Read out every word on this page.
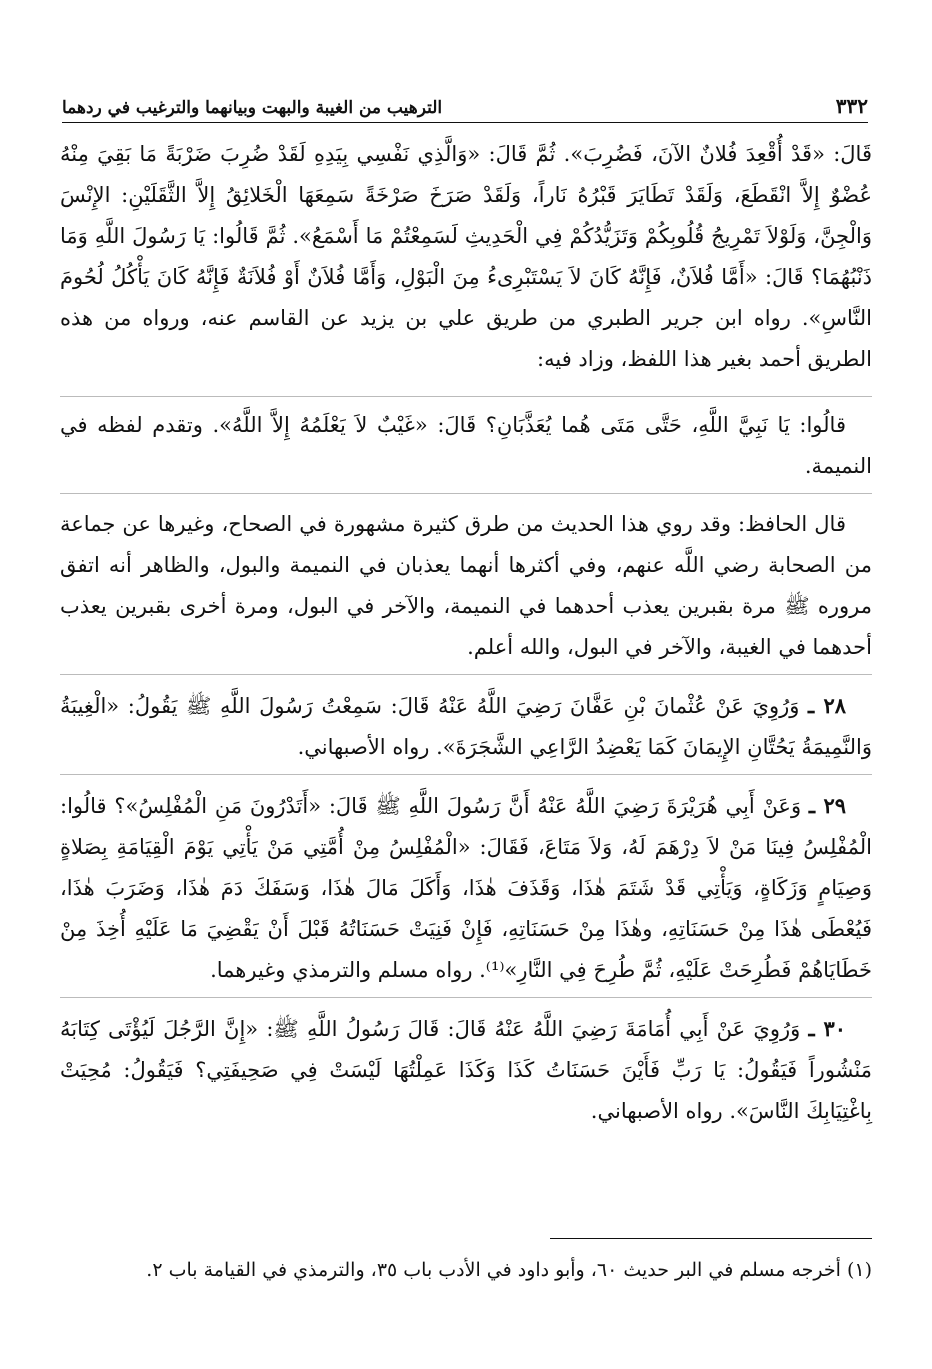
٣٣٢
الترهيب من الغيبة والبهت وبيانهما والترغيب في ردهما

قَالَ: «قَدْ أُقْعِدَ فُلانٌ الآنَ، فَضُرِبَ». ثُمَّ قَالَ: «وَالَّذِي نَفْسِي بِيَدِهِ لَقَدْ ضُرِبَ ضَرْبَةً مَا بَقِيَ مِنْهُ عُضْوٌ إِلاَّ انْقَطَعَ، وَلَقَدْ تَطَايَرَ قَبْرُهُ نَاراً، وَلَقَدْ صَرَخَ صَرْخَةً سَمِعَهَا الْخَلائِقُ إِلاَّ الثَّقَلَيْنِ: الإِنْسَ وَالْجِنَّ، وَلَوْلاَ تَمْرِيجُ قُلُوبِكُمْ وَتَزَيُّدُكُمْ فِي الْحَدِيثِ لَسَمِعْتُمْ مَا أَسْمَعُ». ثُمَّ قَالُوا: يَا رَسُولَ اللَّهِ وَمَا ذَنْبُهُمَا؟ قَالَ: «أَمَّا فُلاَنٌ، فَإِنَّهُ كَانَ لاَ يَسْتَبْرِىءُ مِنَ الْبَوْلِ، وَأَمَّا فُلاَنٌ أَوْ فُلاَنَةٌ فَإِنَّهُ كَانَ يَأْكُلُ لُحُومَ النَّاسِ». رواه ابن جرير الطبري من طريق علي بن يزيد عن القاسم عنه، ورواه من هذه الطريق أحمد بغير هذا اللفظ، وزاد فيه:

قالُوا: يَا نَبِيَّ اللَّهِ، حَتَّى مَتَى هُما يُعَذَّبَانِ؟ قَالَ: «غَيْبٌ لاَ يَعْلَمُهُ إِلاَّ اللَّهُ». وتقدم لفظه في النميمة.

قال الحافظ: وقد روي هذا الحديث من طرق كثيرة مشهورة في الصحاح، وغيرها عن جماعة من الصحابة رضي اللَّه عنهم، وفي أكثرها أنهما يعذبان في النميمة والبول، والظاهر أنه اتفق مروره ﷺ مرة بقبرين يعذب أحدهما في النميمة، والآخر في البول، ومرة أخرى بقبرين يعذب أحدهما في الغيبة، والآخر في البول، والله أعلم.

٢٨ ـ وَرُوِيَ عَنْ عُثْمانَ بْنِ عَفَّانَ رَضِيَ اللَّهُ عَنْهُ قَالَ: سَمِعْتُ رَسُولَ اللَّهِ ﷺ يَقُولُ: «الْغِيبَةُ وَالنَّمِيمَةُ يَحُتَّانِ الإِيمَانَ كَمَا يَعْضِدُ الرَّاعِي الشَّجَرَةَ». رواه الأصبهاني.

٢٩ ـ وَعَنْ أَبِي هُرَيْرَةَ رَضِيَ اللَّهُ عَنْهُ أَنَّ رَسُولَ اللَّهِ ﷺ قَالَ: «أَتَدْرُونَ مَنِ الْمُفْلِسُ»؟ قالُوا: الْمُفْلِسُ فِينَا مَنْ لاَ دِرْهَمَ لَهُ، وَلاَ مَتَاعَ، فَقَالَ: «الْمُفْلِسُ مِنْ أُمَّتِي مَنْ يَأْتِي يَوْمَ الْقِيَامَةِ بِصَلاةٍ وَصِيَامٍ وَزَكَاةٍ، وَيَأْتِي قَدْ شَتَمَ هٰذَا، وَقَذَفَ هٰذَا، وَأَكَلَ مَالَ هٰذَا، وَسَفَكَ دَمَ هٰذَا، وَضَرَبَ هٰذَا، فَيُعْطَى هٰذَا مِنْ حَسَنَاتِهِ، وهٰذَا مِنْ حَسَنَاتِهِ، فَإِنْ فَنِيَتْ حَسَنَاتُهُ قَبْلَ أَنْ يَقْضِيَ مَا عَلَيْهِ أُخِذَ مِنْ خَطَايَاهُمْ فَطُرِحَتْ عَلَيْهِ، ثُمَّ طُرِحَ فِي النَّارِ»⁽¹⁾. رواه مسلم والترمذي وغيرهما.

٣٠ ـ وَرُوِيَ عَنْ أَبِي أُمَامَةَ رَضِيَ اللَّهُ عَنْهُ قَالَ: قَالَ رَسُولُ اللَّهِ ﷺ: «إِنَّ الرَّجُلَ لَيُؤْتَى كِتَابَهُ مَنْشُوراً فَيَقُولُ: يَا رَبِّ فَأَيْنَ حَسَنَاتُ كَذَا وَكَذَا عَمِلْتُهَا لَيْسَتْ فِي صَحِيفَتِي؟ فَيَقُولُ: مُحِيَتْ بِاغْتِيَابِكَ النَّاسَ». رواه الأصبهاني.

(١) أخرجه مسلم في البر حديث ٦٠، وأبو داود في الأدب باب ٣٥، والترمذي في القيامة باب ٢.
